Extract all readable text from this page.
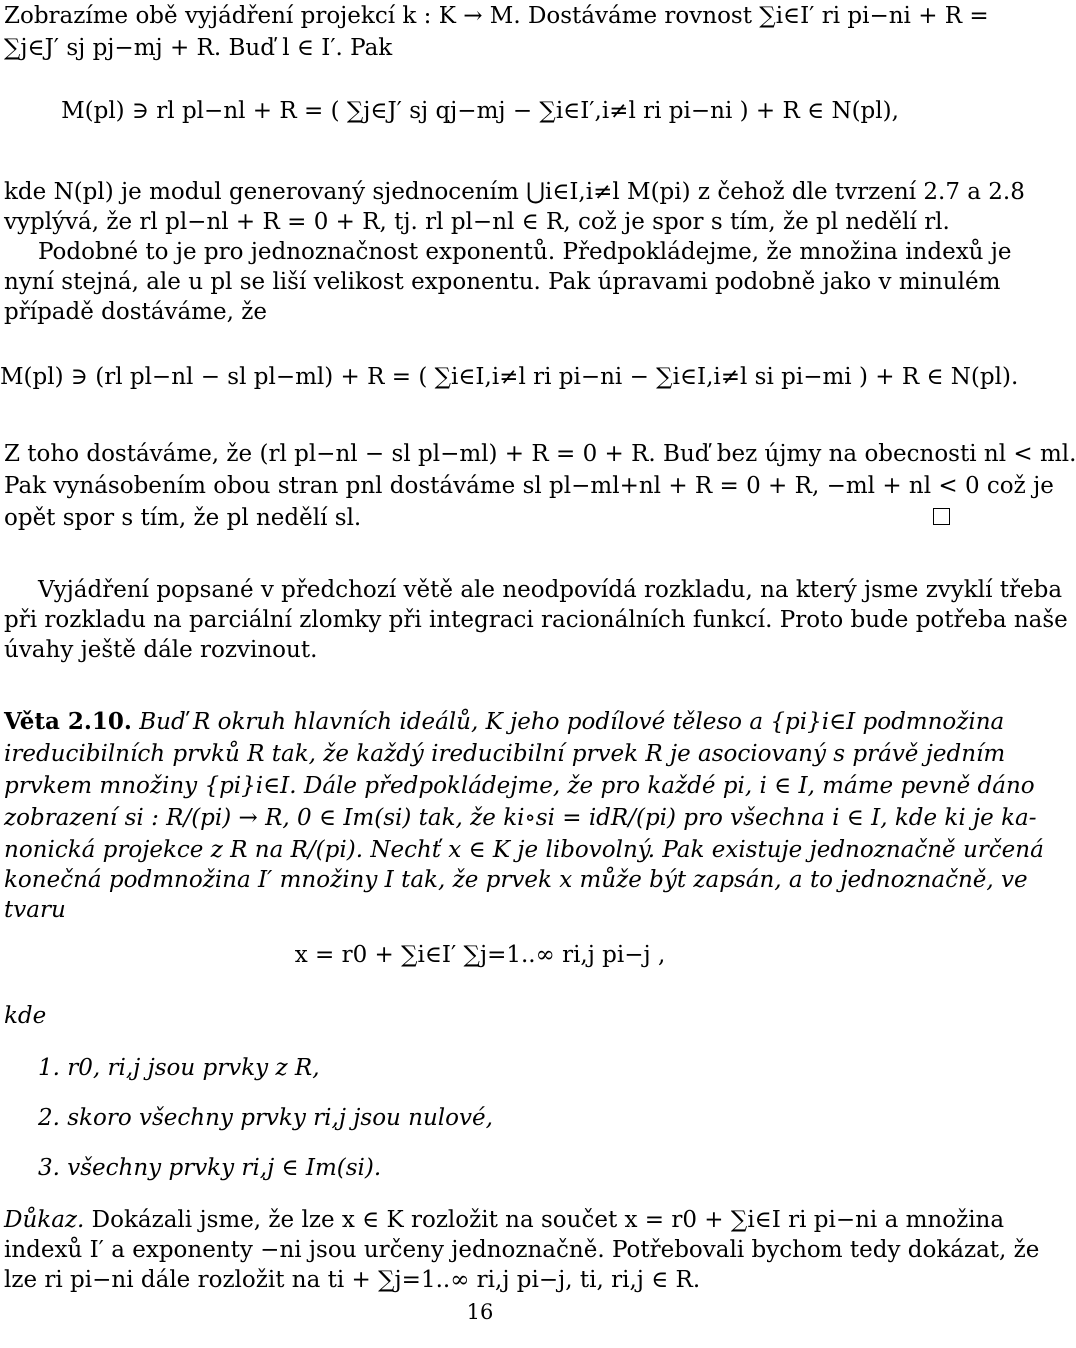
Zobrazíme obě vyjádření projekcí k : K → M. Dostáváme rovnost ∑i∈I′ ri pi−ni + R =
∑j∈J′ sj pj−mj + R. Buď l ∈ I′. Pak
M(pl) ∋ rl pl−nl + R = ( ∑j∈J′ sj qj−mj − ∑i∈I′,i≠l ri pi−ni ) + R ∈ N(pl),
kde N(pl) je modul generovaný sjednocením ⋃i∈I,i≠l M(pi) z čehož dle tvrzení 2.7 a 2.8
vyplývá, že rl pl−nl + R = 0 + R, tj. rl pl−nl ∈ R, což je spor s tím, že pl nedělí rl.
Podobné to je pro jednoznačnost exponentů. Předpokládejme, že množina indexů je
nyní stejná, ale u pl se liší velikost exponentu. Pak úpravami podobně jako v minulém
případě dostáváme, že
M(pl) ∋ (rl pl−nl − sl pl−ml) + R = ( ∑i∈I,i≠l ri pi−ni − ∑i∈I,i≠l si pi−mi ) + R ∈ N(pl).
Z toho dostáváme, že (rl pl−nl − sl pl−ml) + R = 0 + R. Buď bez újmy na obecnosti nl < ml.
Pak vynásobením obou stran pnl dostáváme sl pl−ml+nl + R = 0 + R, −ml + nl < 0 což je
opět spor s tím, že pl nedělí sl.
Vyjádření popsané v předchozí větě ale neodpovídá rozkladu, na který jsme zvyklí třeba
při rozkladu na parciální zlomky při integraci racionálních funkcí. Proto bude potřeba naše
úvahy ještě dále rozvinout.
Věta 2.10. Buď R okruh hlavních ideálů, K jeho podílové těleso a {pi}i∈I podmnožina
ireducibilních prvků R tak, že každý ireducibilní prvek R je asociovaný s právě jedním
prvkem množiny {pi}i∈I. Dále předpokládejme, že pro každé pi, i ∈ I, máme pevně dáno
zobrazení si : R/(pi) → R, 0 ∈ Im(si) tak, že ki∘si = idR/(pi) pro všechna i ∈ I, kde ki je ka-
nonická projekce z R na R/(pi). Nechť x ∈ K je libovolný. Pak existuje jednoznačně určená
konečná podmnožina I′ množiny I tak, že prvek x může být zapsán, a to jednoznačně, ve
tvaru
x = r0 + ∑i∈I′ ∑j=1..∞ ri,j pi−j ,
kde
1. r0, ri,j jsou prvky z R,
2. skoro všechny prvky ri,j jsou nulové,
3. všechny prvky ri,j ∈ Im(si).
Důkaz. Dokázali jsme, že lze x ∈ K rozložit na součet x = r0 + ∑i∈I ri pi−ni a množina
indexů I′ a exponenty −ni jsou určeny jednoznačně. Potřebovali bychom tedy dokázat, že
lze ri pi−ni dále rozložit na ti + ∑j=1..∞ ri,j pi−j, ti, ri,j ∈ R.
16
